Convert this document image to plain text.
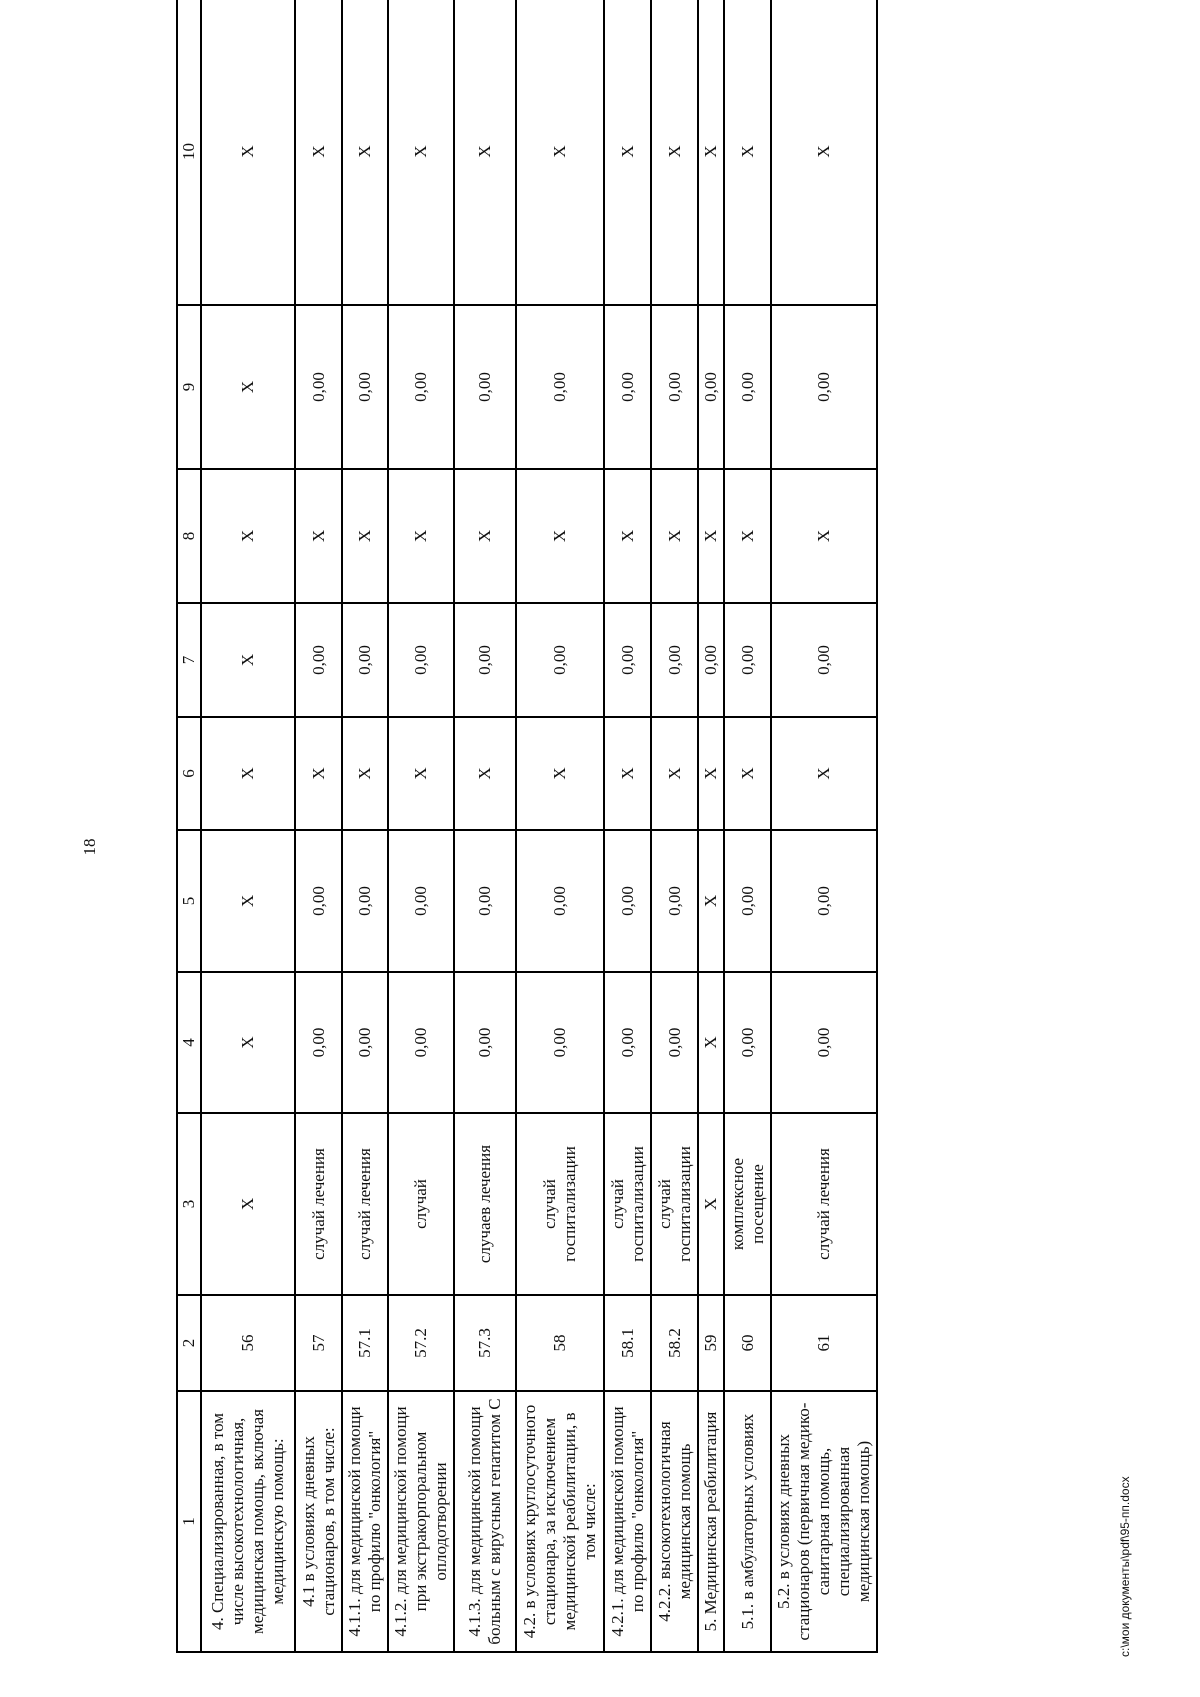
18
1	2	3	4	5	6	7	8	9	10
4. Специализированная, в том числе высокотехнологичная, медицинская помощь, включая медицинскую помощь:	56	X	X	X	X	X	X	X	X
4.1 в условиях дневных стационаров, в том числе:	57	случай лечения	0,00	0,00	X	0,00	X	0,00	X
4.1.1. для медицинской помощи по профилю "онкология"	57.1	случай лечения	0,00	0,00	X	0,00	X	0,00	X
4.1.2. для медицинской помощи при экстракорпоральном оплодотворении	57.2	случай	0,00	0,00	X	0,00	X	0,00	X
4.1.3. для медицинской помощи больным с вирусным гепатитом С	57.3	случаев лечения	0,00	0,00	X	0,00	X	0,00	X
4.2. в условиях круглосуточного стационара, за исключением медицинской реабилитации, в том числе:	58	случай госпитализации	0,00	0,00	X	0,00	X	0,00	X
4.2.1. для медицинской помощи по профилю "онкология"	58.1	случай госпитализации	0,00	0,00	X	0,00	X	0,00	X
4.2.2. высокотехнологичная медицинская помощь	58.2	случай госпитализации	0,00	0,00	X	0,00	X	0,00	X
5. Медицинская реабилитация	59	X	X	X	X	0,00	X	0,00	X
5.1. в амбулаторных условиях	60	комплексное посещение	0,00	0,00	X	0,00	X	0,00	X
5.2. в условиях дневных стационаров (первичная медико-санитарная помощь, специализированная медицинская помощь)	61	случай лечения	0,00	0,00	X	0,00	X	0,00	X
c:\мои документы\pdf\95-пп.docx
